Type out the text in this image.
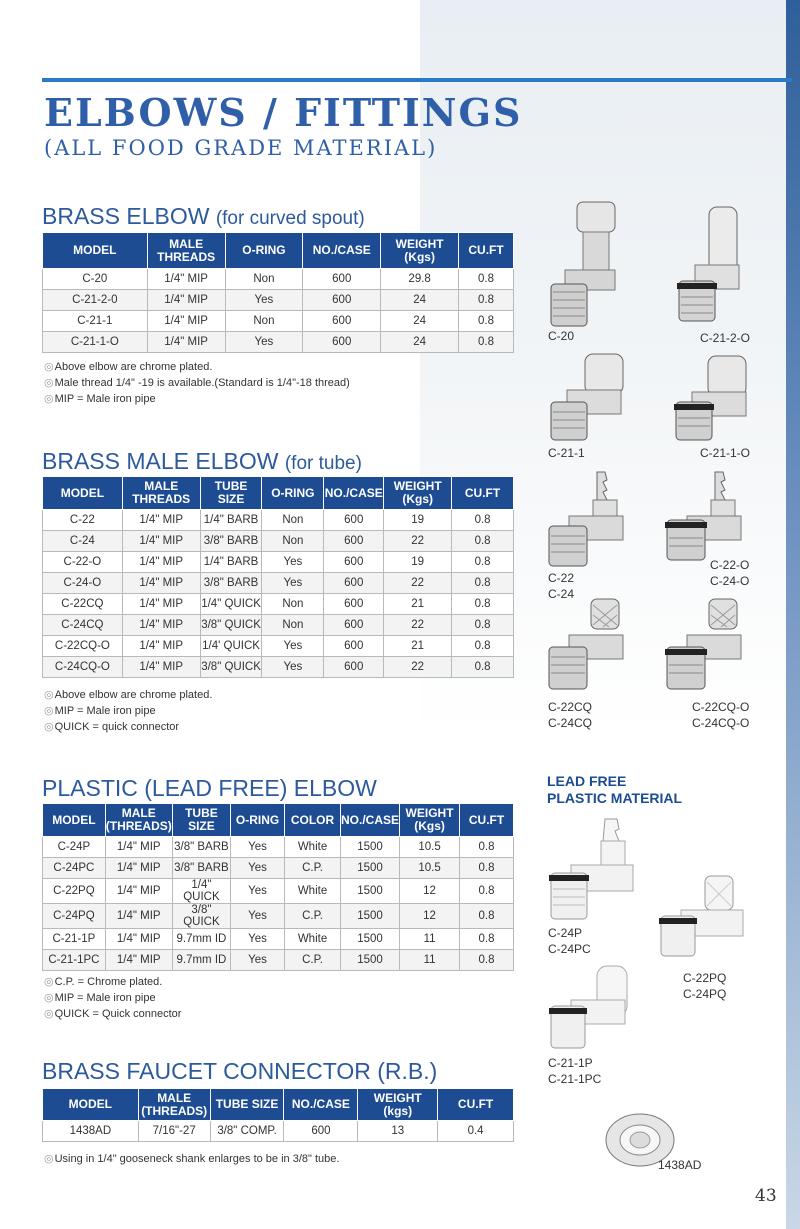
ELBOWS / FITTINGS
(ALL FOOD GRADE MATERIAL)
BRASS ELBOW (for curved spout)
MODEL	MALE THREADS	O-RING	NO./CASE	WEIGHT (Kgs)	CU.FT
C-20	1/4" MIP	Non	600	29.8	0.8
C-21-2-0	1/4" MIP	Yes	600	24	0.8
C-21-1	1/4" MIP	Non	600	24	0.8
C-21-1-O	1/4" MIP	Yes	600	24	0.8
◎ Above elbow are chrome plated.
◎ Male thread 1/4" -19 is available.(Standard is 1/4"-18 thread)
◎ MIP = Male iron pipe
BRASS MALE ELBOW (for tube)
MODEL	MALE THREADS	TUBE SIZE	O-RING	NO./CASE	WEIGHT (Kgs)	CU.FT
C-22	1/4" MIP	1/4" BARB	Non	600	19	0.8
C-24	1/4" MIP	3/8" BARB	Non	600	22	0.8
C-22-O	1/4" MIP	1/4" BARB	Yes	600	19	0.8
C-24-O	1/4" MIP	3/8" BARB	Yes	600	22	0.8
C-22CQ	1/4" MIP	1/4" QUICK	Non	600	21	0.8
C-24CQ	1/4" MIP	3/8" QUICK	Non	600	22	0.8
C-22CQ-O	1/4" MIP	1/4' QUICK	Yes	600	21	0.8
C-24CQ-O	1/4" MIP	3/8" QUICK	Yes	600	22	0.8
◎ Above elbow are chrome plated.
◎ MIP = Male iron pipe
◎ QUICK = quick connector
PLASTIC (LEAD FREE) ELBOW
MODEL	MALE (THREADS)	TUBE SIZE	O-RING	COLOR	NO./CASE	WEIGHT (Kgs)	CU.FT
C-24P	1/4" MIP	3/8" BARB	Yes	White	1500	10.5	0.8
C-24PC	1/4" MIP	3/8" BARB	Yes	C.P.	1500	10.5	0.8
C-22PQ	1/4" MIP	1/4" QUICK	Yes	White	1500	12	0.8
C-24PQ	1/4" MIP	3/8" QUICK	Yes	C.P.	1500	12	0.8
C-21-1P	1/4" MIP	9.7mm ID	Yes	White	1500	11	0.8
C-21-1PC	1/4" MIP	9.7mm ID	Yes	C.P.	1500	11	0.8
◎ C.P. = Chrome plated.
◎ MIP = Male iron pipe
◎ QUICK = Quick connector
BRASS FAUCET CONNECTOR (R.B.)
MODEL	MALE (THREADS)	TUBE SIZE	NO./CASE	WEIGHT (kgs)	CU.FT
1438AD	7/16"-27	3/8" COMP.	600	13	0.4
◎ Using in 1/4" gooseneck shank enlarges to be in 3/8" tube.
C-20	C-21-2-O
C-21-1	C-21-1-O
C-22
C-24
C-22-O
C-24-O
C-22CQ
C-24CQ
C-22CQ-O
C-24CQ-O
LEAD FREE
PLASTIC MATERIAL
C-24P
C-24PC
C-22PQ
C-24PQ
C-21-1P
C-21-1PC
1438AD
43
